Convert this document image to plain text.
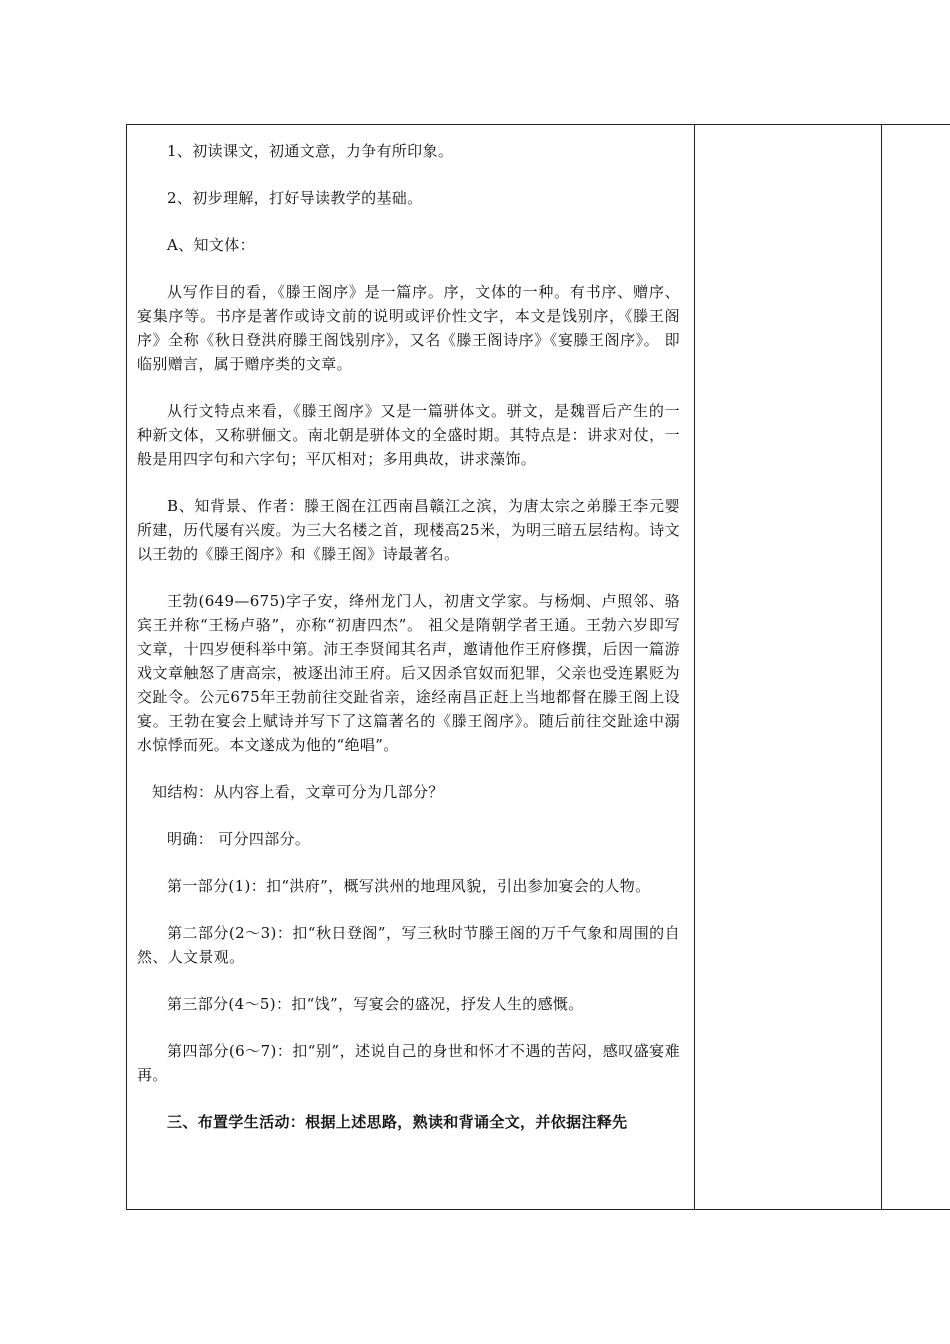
1、初读课文，初通文意，力争有所印象。

2、初步理解，打好导读教学的基础。

A、知文体：

从写作目的看，《滕王阁序》是一篇序。序，文体的一种。有书序、赠序、宴集序等。书序是著作或诗文前的说明或评价性文字，本文是饯别序，《滕王阁序》全称《秋日登洪府滕王阁饯别序》，又名《滕王阁诗序》《宴滕王阁序》。 即临别赠言，属于赠序类的文章。

从行文特点来看，《滕王阁序》又是一篇骈体文。骈文，是魏晋后产生的一种新文体，又称骈俪文。南北朝是骈体文的全盛时期。其特点是：讲求对仗，一般是用四字句和六字句；平仄相对；多用典故，讲求藻饰。

B、知背景、作者：滕王阁在江西南昌赣江之滨，为唐太宗之弟滕王李元婴所建，历代屡有兴废。为三大名楼之首，现楼高25米，为明三暗五层结构。诗文以王勃的《滕王阁序》和《滕王阁》诗最著名。

王勃(649—675)字子安，绛州龙门人，初唐文学家。与杨炯、卢照邻、骆宾王并称“王杨卢骆”，亦称“初唐四杰”。 祖父是隋朝学者王通。王勃六岁即写文章，十四岁便科举中第。沛王李贤闻其名声，邀请他作王府修撰，后因一篇游戏文章触怒了唐高宗，被逐出沛王府。后又因杀官奴而犯罪，父亲也受连累贬为交趾令。公元675年王勃前往交趾省亲，途经南昌正赶上当地都督在滕王阁上设宴。王勃在宴会上赋诗并写下了这篇著名的《滕王阁序》。随后前往交趾途中溺水惊悸而死。本文遂成为他的“绝唱”。

知结构：从内容上看，文章可分为几部分？

明确： 可分四部分。

第一部分(1)：扣“洪府”，概写洪州的地理风貌，引出参加宴会的人物。

第二部分(2～3)：扣“秋日登阁”，写三秋时节滕王阁的万千气象和周围的自然、人文景观。

第三部分(4～5)：扣“饯”，写宴会的盛况，抒发人生的感慨。

第四部分(6～7)：扣“别”，述说自己的身世和怀才不遇的苦闷，感叹盛宴难再。

三、布置学生活动：根据上述思路，熟读和背诵全文，并依据注释先
